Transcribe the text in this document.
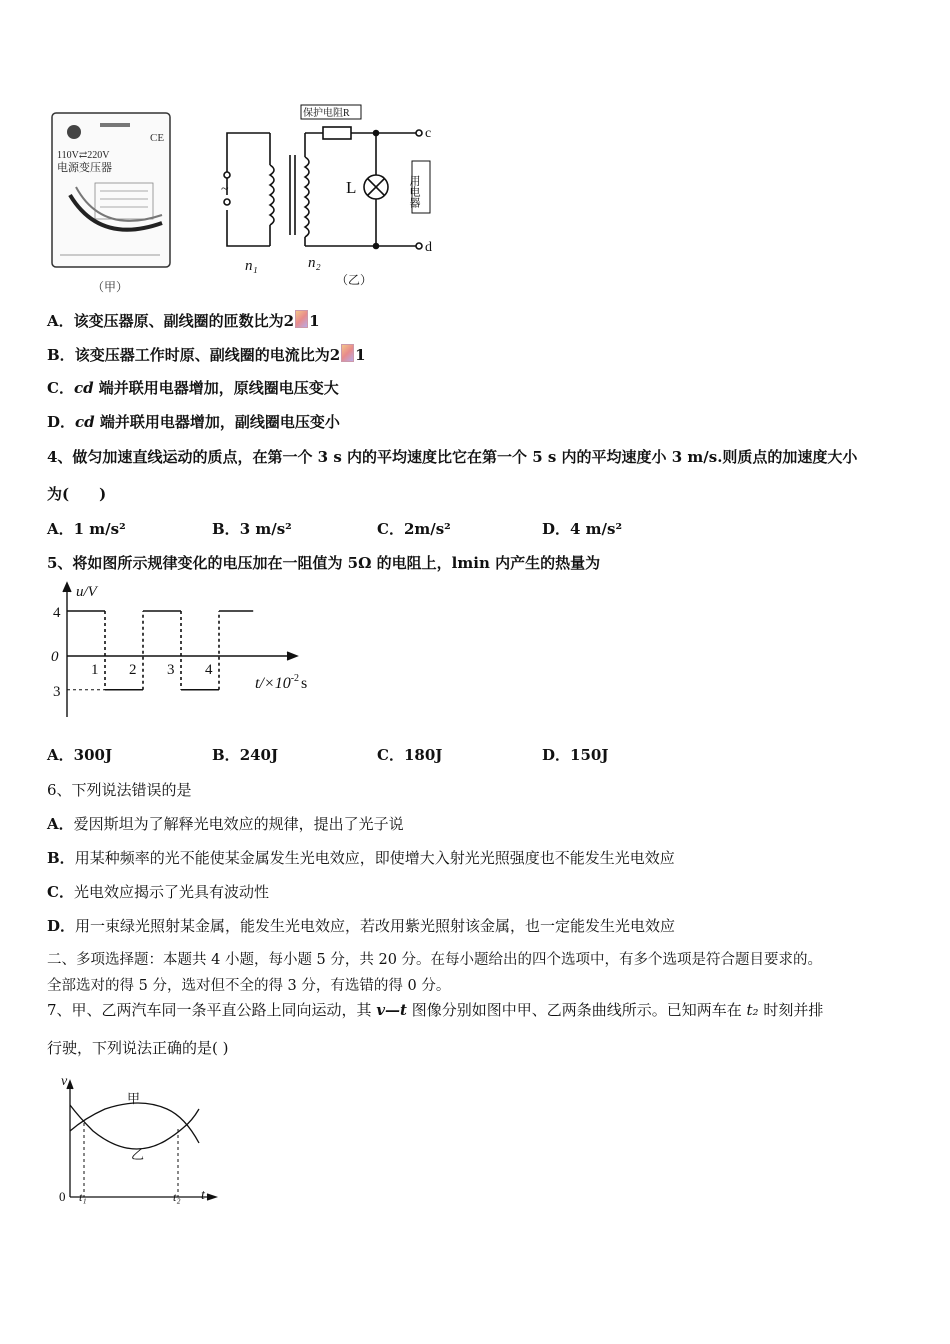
CE
110V⇄220V
电源变压器
（甲）
~
保护电阻R
L	用电器
c
d
n₁	n₂
（乙）
A．该变压器原、副线圈的匝数比为2 1
B．该变压器工作时原、副线圈的电流比为2 1
C．cd 端并联用电器增加，原线圈电压变大
D．cd 端并联用电器增加，副线圈电压变小
4、做匀加速直线运动的质点，在第一个 3 s 内的平均速度比它在第一个 5 s 内的平均速度小 3 m/s.则质点的加速度大小
为(　　)
A．1 m/s²	B．3 m/s²	C．2m/s²	D．4 m/s²
5、将如图所示规律变化的电压加在一阻值为 5Ω 的电阻上，lmin 内产生的热量为
u/V
0
4
3
1 2 3 4
$t/\times 10^{-2}$ s
A．300J	B．240J	C．180J	D．150J
6、下列说法错误的是
A．爱因斯坦为了解释光电效应的规律，提出了光子说
B．用某种频率的光不能使某金属发生光电效应，即使增大入射光光照强度也不能发生光电效应
C．光电效应揭示了光具有波动性
D．用一束绿光照射某金属，能发生光电效应，若改用紫光照射该金属，也一定能发生光电效应
二、多项选择题：本题共 4 小题，每小题 5 分，共 20 分。在每小题给出的四个选项中，有多个选项是符合题目要求的。
全部选对的得 5 分，选对但不全的得 3 分，有选错的得 0 分。
7、甲、乙两汽车同一条平直公路上同向运动，其 v—t 图像分别如图中甲、乙两条曲线所示。已知两车在 t₂ 时刻并排
行驶，下列说法正确的是( )
v
t
0 t₁	t₂
甲
乙
